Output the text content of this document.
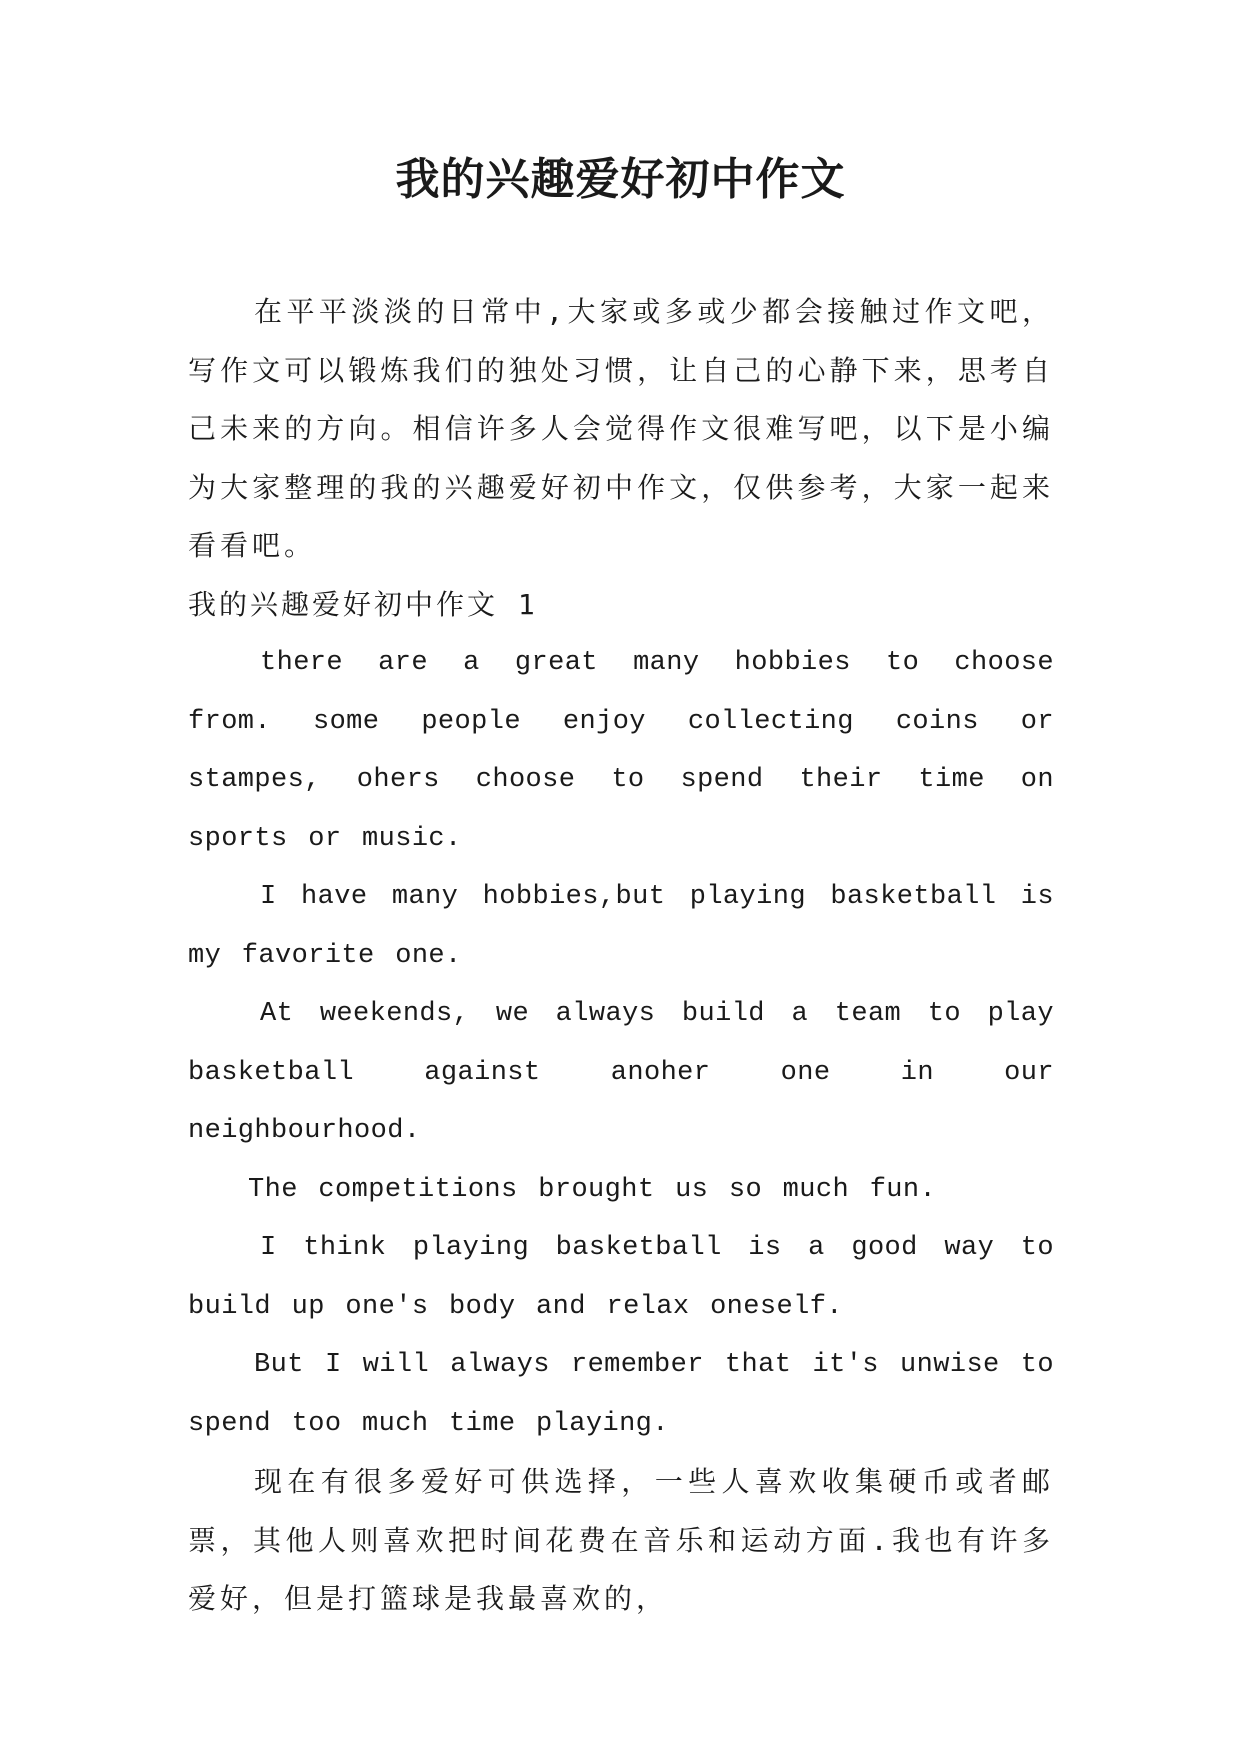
我的兴趣爱好初中作文

在平平淡淡的日常中,大家或多或少都会接触过作文吧，写作文可以锻炼我们的独处习惯，让自己的心静下来，思考自己未来的方向。相信许多人会觉得作文很难写吧，以下是小编为大家整理的我的兴趣爱好初中作文，仅供参考，大家一起来看看吧。

我的兴趣爱好初中作文 1

there are a great many hobbies to choose from. some people enjoy collecting coins or stampes, ohers choose to spend their time on sports or music.

I have many hobbies,but playing basketball is my favorite one.

At weekends, we always build a team to play basketball against anoher one in our neighbourhood.

The competitions brought us so much fun.

I think playing basketball is a good way to build up one's body and relax oneself.

But I will always remember that it's unwise to spend too much time playing.

现在有很多爱好可供选择，一些人喜欢收集硬币或者邮票，其他人则喜欢把时间花费在音乐和运动方面.我也有许多爱好，但是打篮球是我最喜欢的，
